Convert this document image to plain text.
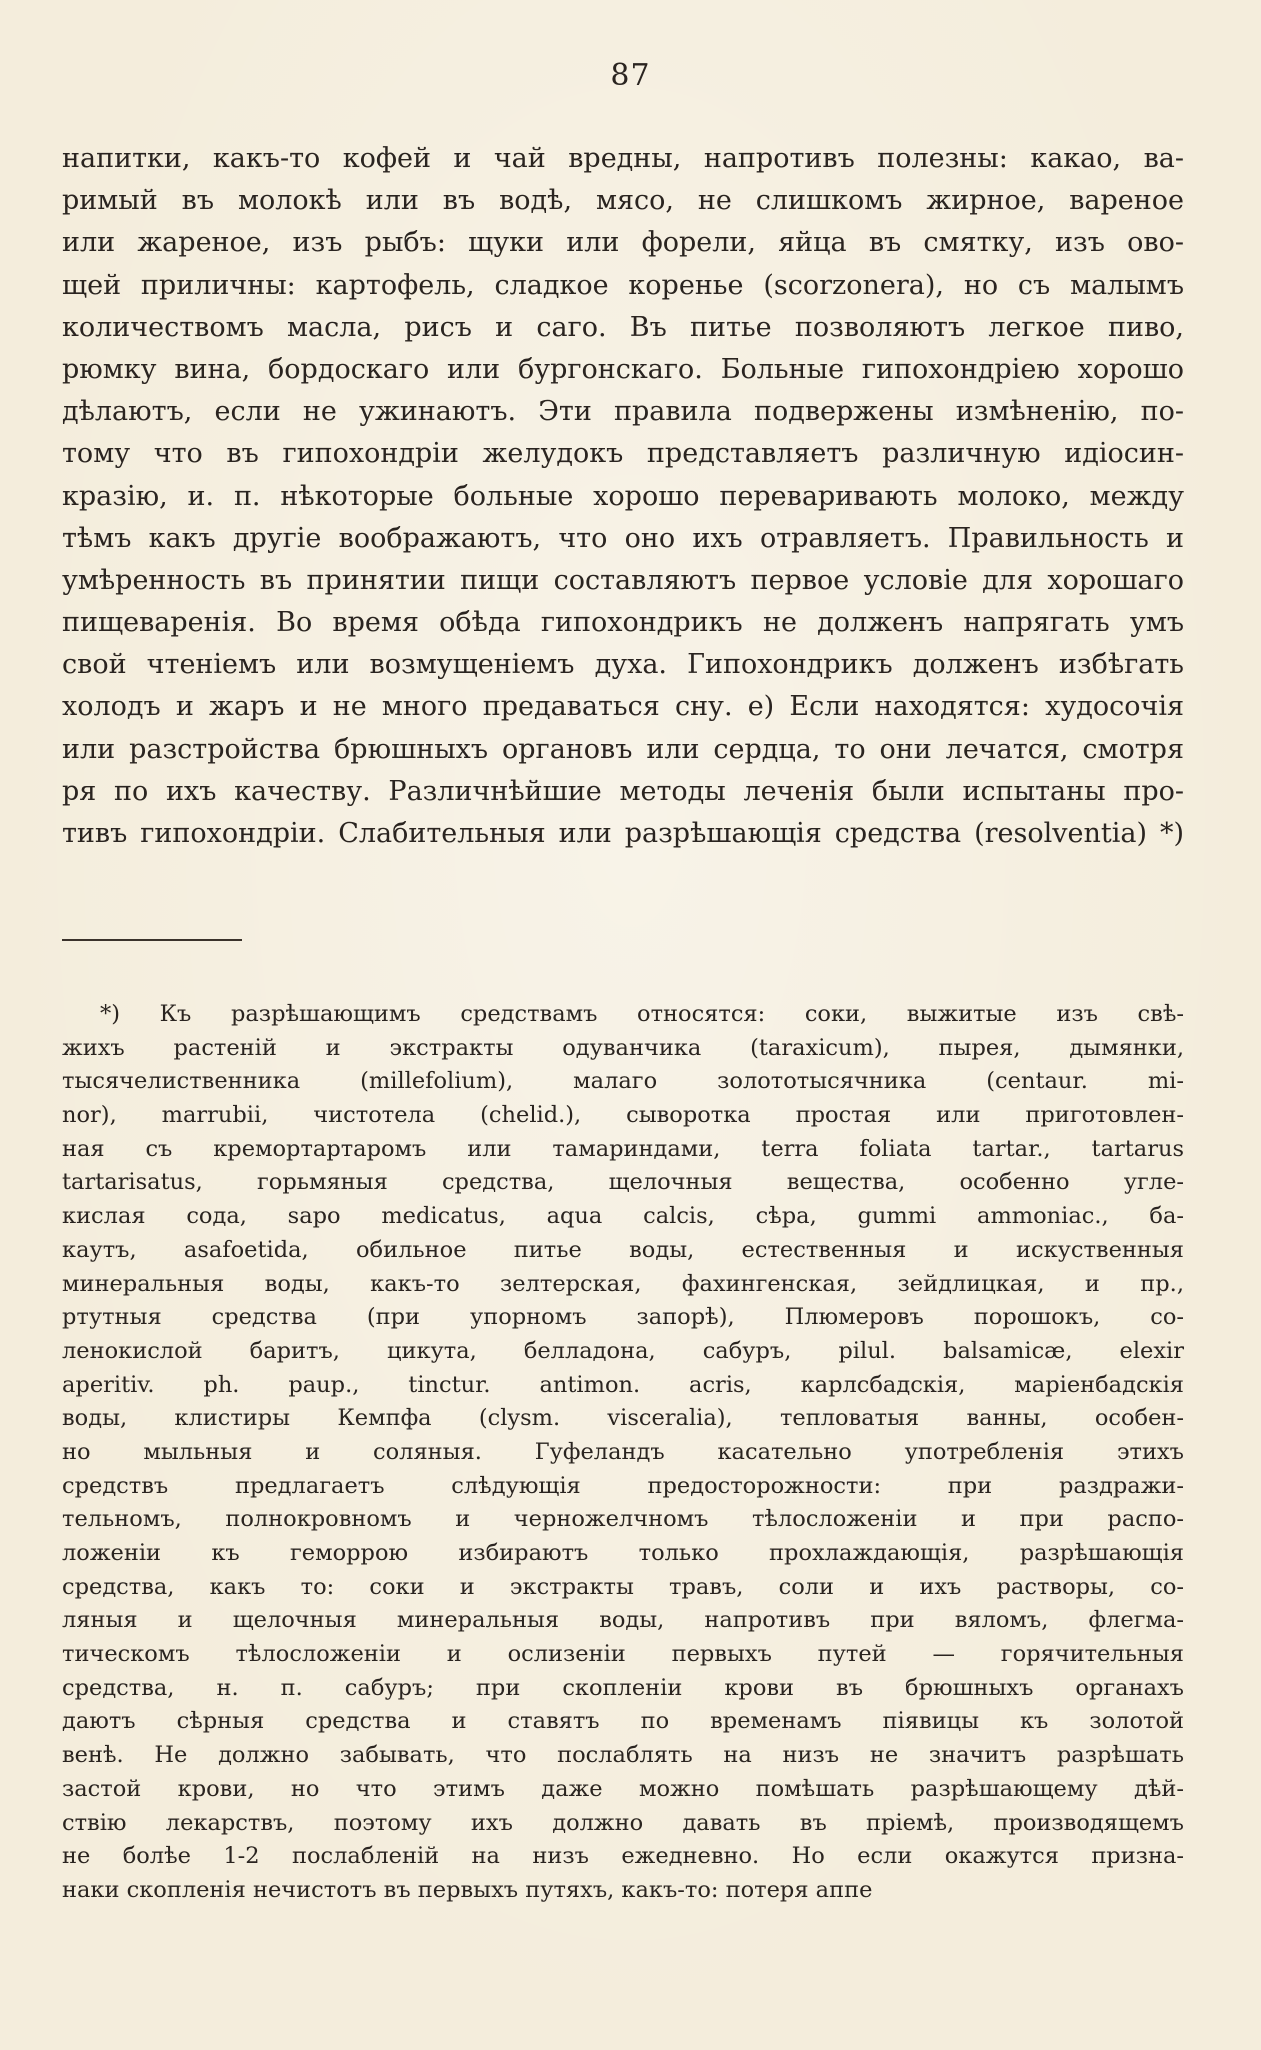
87
напитки, какъ-то кофей и чай вредны, напротивъ полезны: какао, ва-
римый въ молокѣ или въ водѣ, мясо, не слишкомъ жирное, вареное
или жареное, изъ рыбъ: щуки или форели, яйца въ смятку, изъ ово-
щей приличны: картофель, сладкое коренье (scorzonera), но съ малымъ
количествомъ масла, рисъ и саго. Въ питье позволяютъ легкое пиво,
рюмку вина, бордоскаго или бургонскаго. Больные гипохондріею хорошо
дѣлаютъ, если не ужинаютъ. Эти правила подвержены измѣненію, по-
тому что въ гипохондріи желудокъ представляетъ различную идіосин-
кразію, и. п. нѣкоторые больные хорошо переваривають молоко, между
тѣмъ какъ другіе воображаютъ, что оно ихъ отравляетъ. Правильность и
умѣренность въ принятии пищи составляютъ первое условіе для хорошаго
пищеваренія. Во время обѣда гипохондрикъ не долженъ напрягать умъ
свой чтеніемъ или возмущеніемъ духа. Гипохондрикъ долженъ избѣгать
холодъ и жаръ и не много предаваться сну. е) Если находятся: худосочія
или разстройства брюшныхъ органовъ или сердца, то они лечатся, смотря
ря по ихъ качеству. Различнѣйшие методы леченія были испытаны про-
тивъ гипохондріи. Слабительныя или разрѣшающія средства (resolventia) *)
*) Къ разрѣшающимъ средствамъ относятся: соки, выжитые изъ свѣ-
жихъ растеній и экстракты одуванчика (taraxicum), пырея, дымянки,
тысячелиственника (millefolium), малаго золототысячника (centaur. mi-
nor), marrubii, чистотела (chelid.), сыворотка простая или приготовлен-
ная съ кремортартаромъ или тамариндами, terra foliata tartar., tartarus
tartarisatus, горьмяныя средства, щелочныя вещества, особенно угле-
кислая сода, sapo medicatus, aqua calcis, сѣра, gummi ammoniac., ба-
каутъ, asafoetida, обильное питье воды, естественныя и искуственныя
минеральныя воды, какъ-то зелтерская, фахингенская, зейдлицкая, и пр.,
ртутныя средства (при упорномъ запорѣ), Плюмеровъ порошокъ, со-
ленокислой баритъ, цикута, белладона, сабуръ, pilul. balsamicæ, elexir
aperitiv. ph. paup., tinctur. antimon. acris, карлсбадскія, маріенбадскія
воды, клистиры Кемпфа (clysm. visceralia), тепловатыя ванны, особен-
но мыльныя и соляныя. Гуфеландъ касательно употребленія этихъ
средствъ предлагаетъ слѣдующія предосторожности: при раздражи-
тельномъ, полнокровномъ и черножелчномъ тѣлосложеніи и при распо-
ложеніи къ геморрою избираютъ только прохлаждающія, разрѣшающія
средства, какъ то: соки и экстракты травъ, соли и ихъ растворы, со-
ляныя и щелочныя минеральныя воды, напротивъ при вяломъ, флегма-
тическомъ тѣлосложеніи и ослизеніи первыхъ путей — горячительныя
средства, н. п. сабуръ; при скопленіи крови въ брюшныхъ органахъ
даютъ сѣрныя средства и ставятъ по временамъ піявицы къ золотой
венѣ. Не должно забывать, что послаблять на низъ не значитъ разрѣшать
застой крови, но что этимъ даже можно помѣшать разрѣшающему дѣй-
ствію лекарствъ, поэтому ихъ должно давать въ пріемѣ, производящемъ
не болѣе 1-2 послабленій на низъ ежедневно. Но если окажутся призна-
наки скопленія нечистотъ въ первыхъ путяхъ, какъ-то: потеря аппе
